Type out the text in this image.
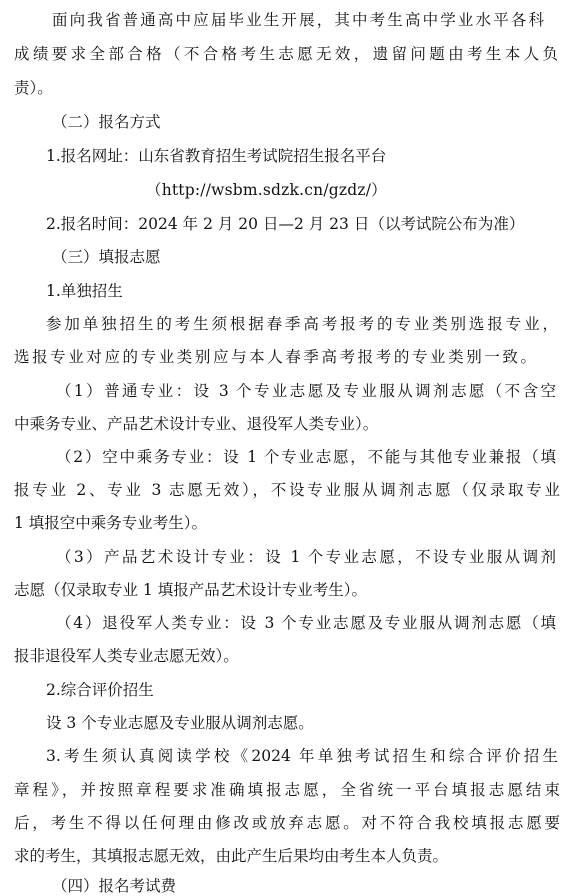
面向我省普通高中应届毕业生开展，其中考生高中学业水平各科
成绩要求全部合格（不合格考生志愿无效，遗留问题由考生本人负
责）。
（二）报名方式
1.报名网址：山东省教育招生考试院招生报名平台
（http://wsbm.sdzk.cn/gzdz/）
2.报名时间：2024 年 2 月 20 日—2 月 23 日（以考试院公布为准）
（三）填报志愿
1.单独招生
参加单独招生的考生须根据春季高考报考的专业类别选报专业，
选报专业对应的专业类别应与本人春季高考报考的专业类别一致。
（1）普通专业：设 3 个专业志愿及专业服从调剂志愿（不含空
中乘务专业、产品艺术设计专业、退役军人类专业）。
（2）空中乘务专业：设 1 个专业志愿，不能与其他专业兼报（填
报专业 2、专业 3 志愿无效），不设专业服从调剂志愿（仅录取专业
1 填报空中乘务专业考生）。
（3）产品艺术设计专业：设 1 个专业志愿，不设专业服从调剂
志愿（仅录取专业 1 填报产品艺术设计专业考生）。
（4）退役军人类专业：设 3 个专业志愿及专业服从调剂志愿（填
报非退役军人类专业志愿无效）。
2.综合评价招生
设 3 个专业志愿及专业服从调剂志愿。
3.考生须认真阅读学校《2024 年单独考试招生和综合评价招生
章程》，并按照章程要求准确填报志愿，全省统一平台填报志愿结束
后，考生不得以任何理由修改或放弃志愿。对不符合我校填报志愿要
求的考生，其填报志愿无效，由此产生后果均由考生本人负责。
（四）报名考试费
